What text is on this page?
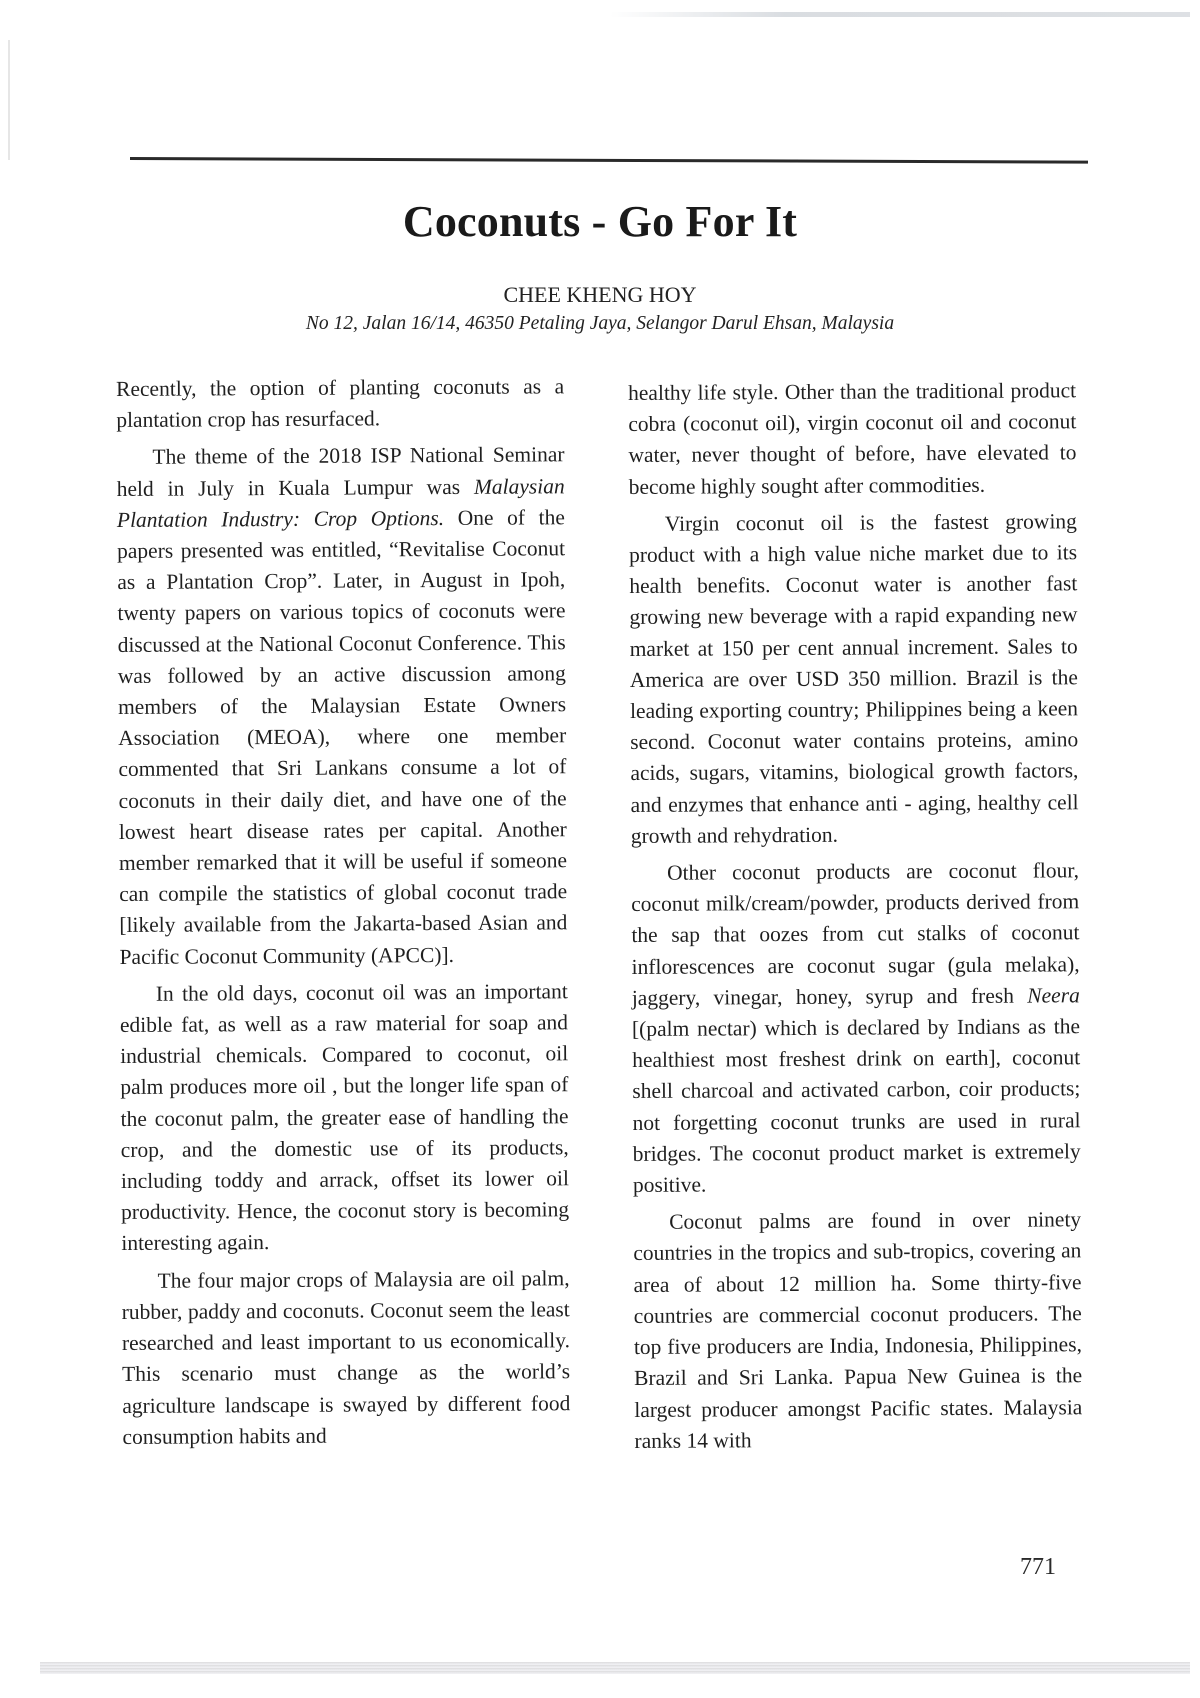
Coconuts - Go For It
CHEE KHENG HOY
No 12, Jalan 16/14, 46350 Petaling Jaya, Selangor Darul Ehsan, Malaysia

Recently, the option of planting coconuts as a plantation crop has resurfaced.

The theme of the 2018 ISP National Seminar held in July in Kuala Lumpur was Malaysian Plantation Industry: Crop Options. One of the papers presented was entitled, “Revitalise Coconut as a Plantation Crop”. Later, in August in Ipoh, twenty papers on various topics of coconuts were discussed at the National Coconut Conference. This was followed by an active discussion among members of the Malaysian Estate Owners Association (MEOA), where one member commented that Sri Lankans consume a lot of coconuts in their daily diet, and have one of the lowest heart disease rates per capital. Another member remarked that it will be useful if someone can compile the statistics of global coconut trade [likely available from the Jakarta-based Asian and Pacific Coconut Community (APCC)].

In the old days, coconut oil was an important edible fat, as well as a raw material for soap and industrial chemicals. Compared to coconut, oil palm produces more oil , but the longer life span of the coconut palm, the greater ease of handling the crop, and the domestic use of its products, including toddy and arrack, offset its lower oil productivity. Hence, the coconut story is becoming interesting again.

The four major crops of Malaysia are oil palm, rubber, paddy and coconuts. Coconut seem the least researched and least important to us economically. This scenario must change as the world’s agriculture landscape is swayed by different food consumption habits and

healthy life style. Other than the traditional product cobra (coconut oil), virgin coconut oil and coconut water, never thought of before, have elevated to become highly sought after commodities.

Virgin coconut oil is the fastest growing product with a high value niche market due to its health benefits. Coconut water is another fast growing new beverage with a rapid expanding new market at 150 per cent annual increment. Sales to America are over USD 350 million. Brazil is the leading exporting country; Philippines being a keen second. Coconut water contains proteins, amino acids, sugars, vitamins, biological growth factors, and enzymes that enhance anti - aging, healthy cell growth and rehydration.

Other coconut products are coconut flour, coconut milk/cream/powder, products derived from the sap that oozes from cut stalks of coconut inflorescences are coconut sugar (gula melaka), jaggery, vinegar, honey, syrup and fresh Neera [(palm nectar) which is declared by Indians as the healthiest most freshest drink on earth], coconut shell charcoal and activated carbon, coir products; not forgetting coconut trunks are used in rural bridges. The coconut product market is extremely positive.

Coconut palms are found in over ninety countries in the tropics and sub-tropics, covering an area of about 12 million ha. Some thirty-five countries are commercial coconut producers. The top five producers are India, Indonesia, Philippines, Brazil and Sri Lanka. Papua New Guinea is the largest producer amongst Pacific states. Malaysia ranks 14 with

771
